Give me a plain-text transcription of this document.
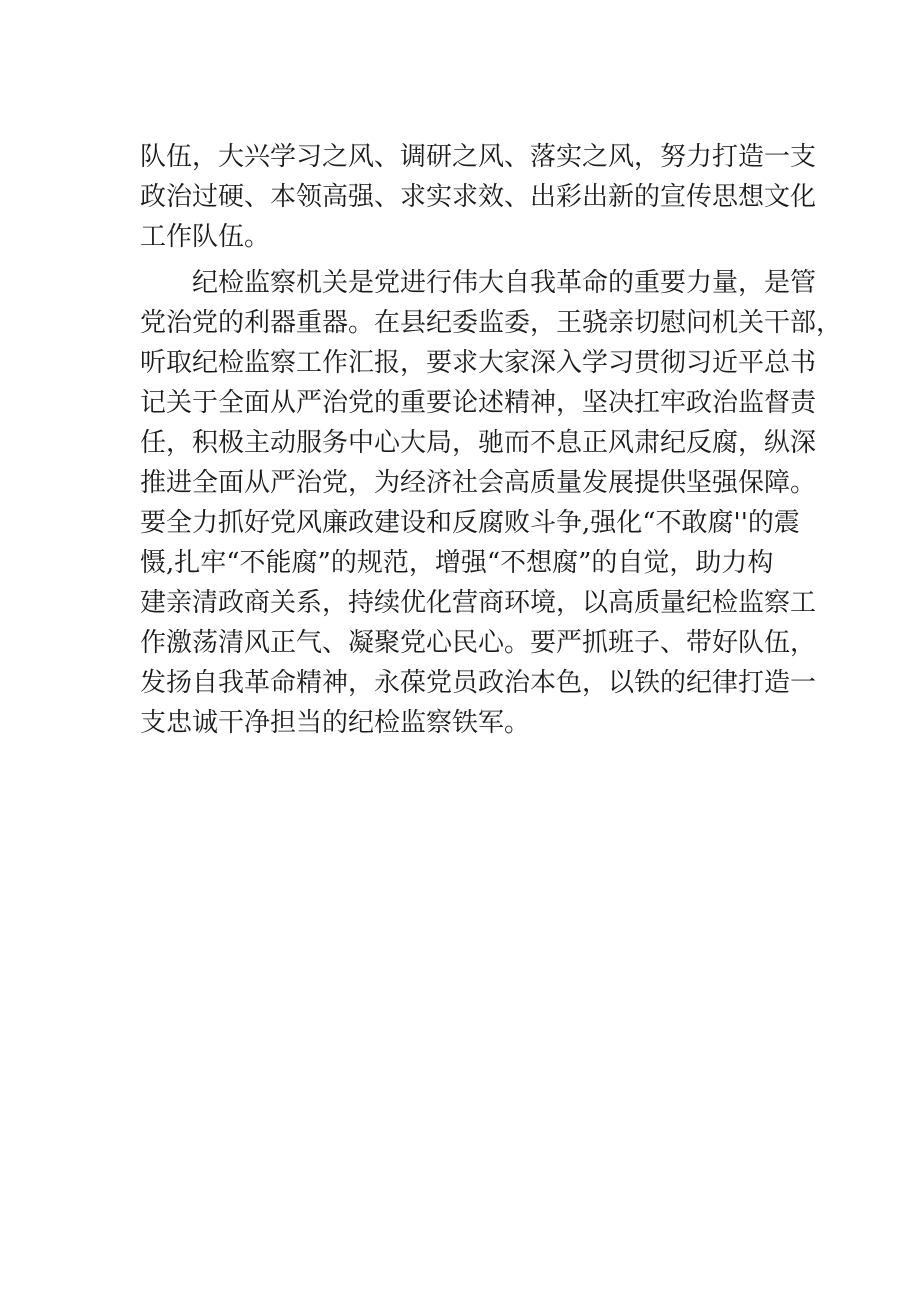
队伍，大兴学习之风、调研之风、落实之风，努力打造一支
政治过硬、本领高强、求实求效、出彩出新的宣传思想文化
工作队伍。
纪检监察机关是党进行伟大自我革命的重要力量，是管
党治党的利器重器。在县纪委监委，王骁亲切慰问机关干部，
听取纪检监察工作汇报，要求大家深入学习贯彻习近平总书
记关于全面从严治党的重要论述精神，坚决扛牢政治监督责
任，积极主动服务中心大局，驰而不息正风肃纪反腐，纵深
推进全面从严治党，为经济社会高质量发展提供坚强保障。
要全力抓好党风廉政建设和反腐败斗争,强化“不敢腐''的震
慑,扎牢“不能腐”的规范，增强“不想腐”的自觉，助力构
建亲清政商关系，持续优化营商环境，以高质量纪检监察工
作激荡清风正气、凝聚党心民心。要严抓班子、带好队伍，
发扬自我革命精神，永葆党员政治本色，以铁的纪律打造一
支忠诚干净担当的纪检监察铁军。
